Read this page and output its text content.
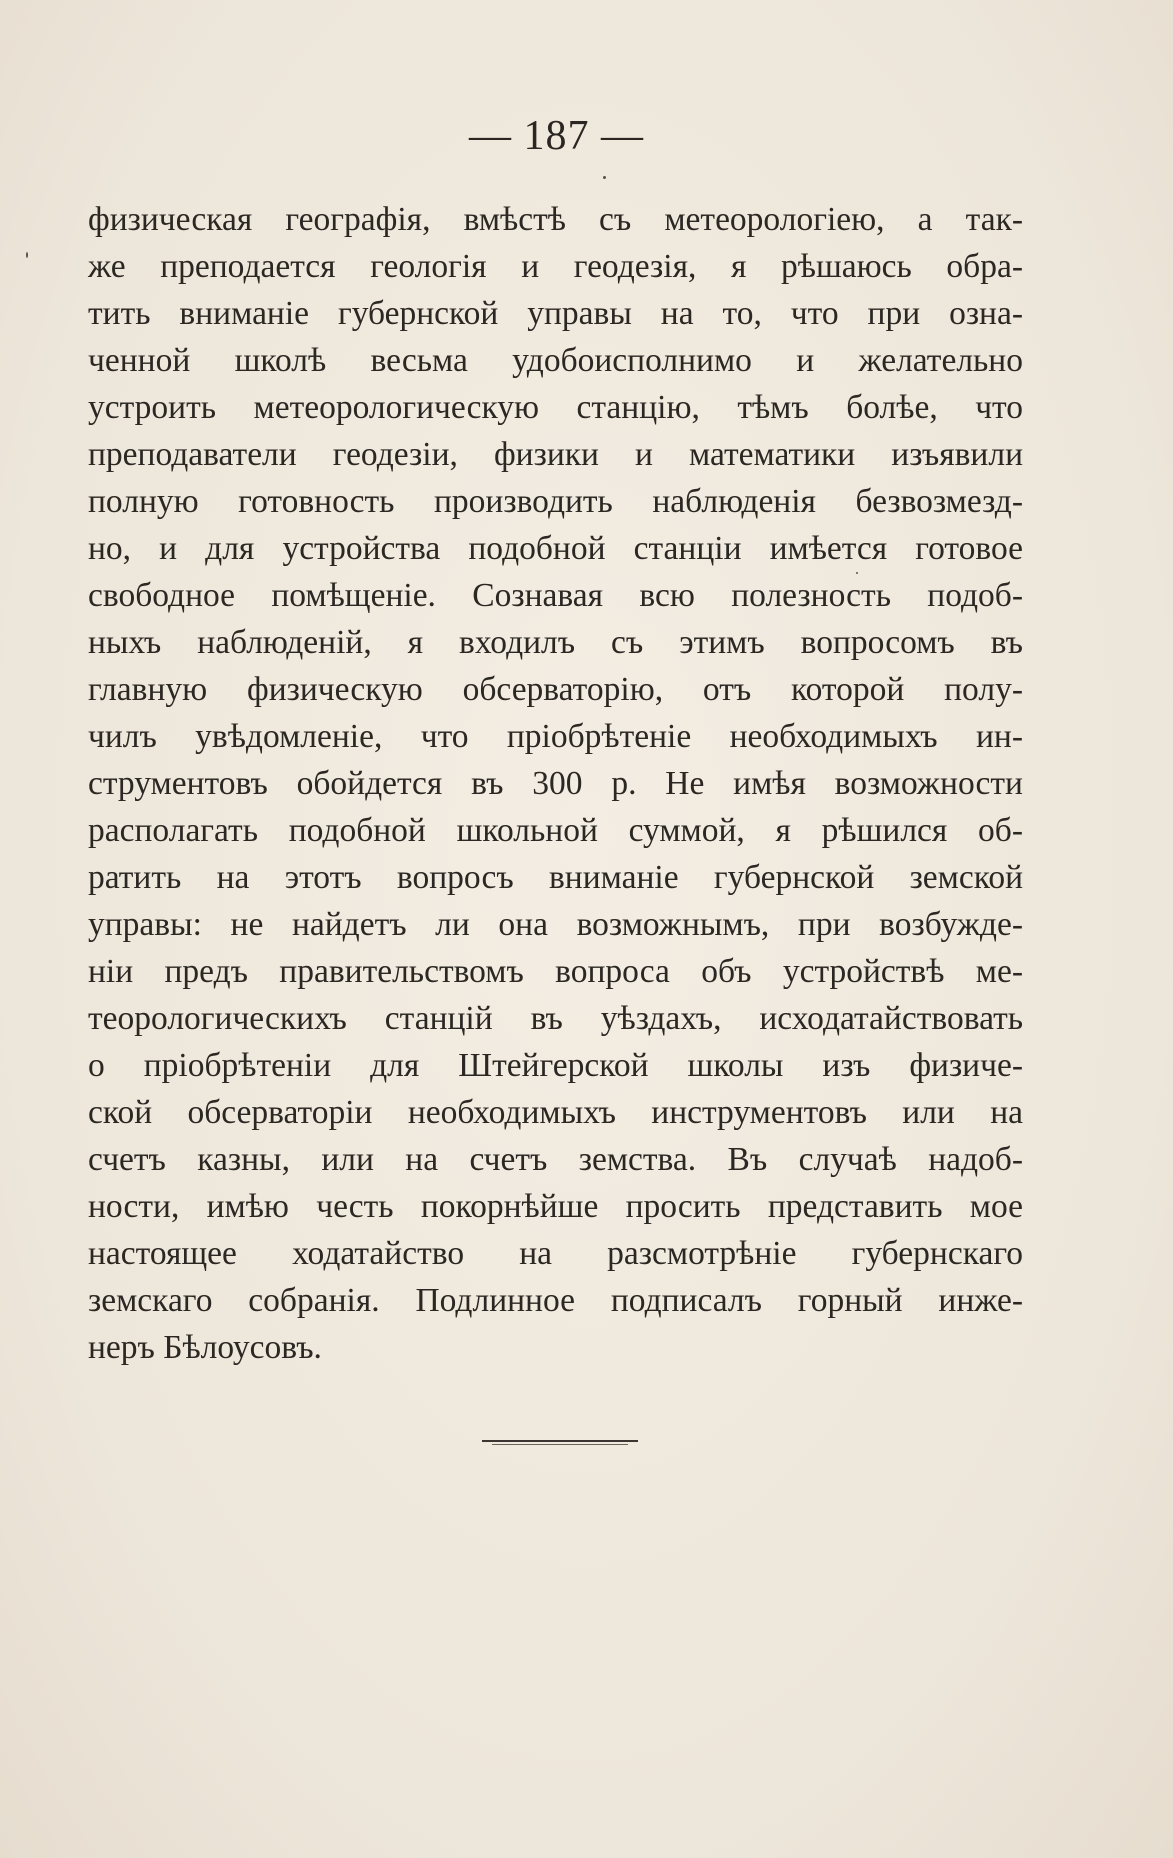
— 187 —
физическая географія, вмѣстѣ съ метеорологіею, а так-
же преподается геологія и геодезія, я рѣшаюсь обра-
тить вниманіе губернской управы на то, что при озна-
ченной школѣ весьма удобоисполнимо и желательно
устроить метеорологическую станцію, тѣмъ болѣе, что
преподаватели геодезіи, физики и математики изъявили
полную готовность производить наблюденія безвозмезд-
но, и для устройства подобной станціи имѣется готовое
свободное помѣщеніе. Сознавая всю полезность подоб-
ныхъ наблюденій, я входилъ съ этимъ вопросомъ въ
главную физическую обсерваторію, отъ которой полу-
чилъ увѣдомленіе, что пріобрѣтеніе необходимыхъ ин-
струментовъ обойдется въ 300 р. Не имѣя возможности
располагать подобной школьной суммой, я рѣшился об-
ратить на этотъ вопросъ вниманіе губернской земской
управы: не найдетъ ли она возможнымъ, при возбужде-
ніи предъ правительствомъ вопроса объ устройствѣ ме-
теорологическихъ станцій въ уѣздахъ, исходатайствовать
о пріобрѣтеніи для Штейгерской школы изъ физиче-
ской обсерваторіи необходимыхъ инструментовъ или на
счетъ казны, или на счетъ земства. Въ случаѣ надоб-
ности, имѣю честь покорнѣйше просить представить мое
настоящее ходатайство на разсмотрѣніе губернскаго
земскаго собранія. Подлинное подписалъ горный инже-
неръ Бѣлоусовъ.
